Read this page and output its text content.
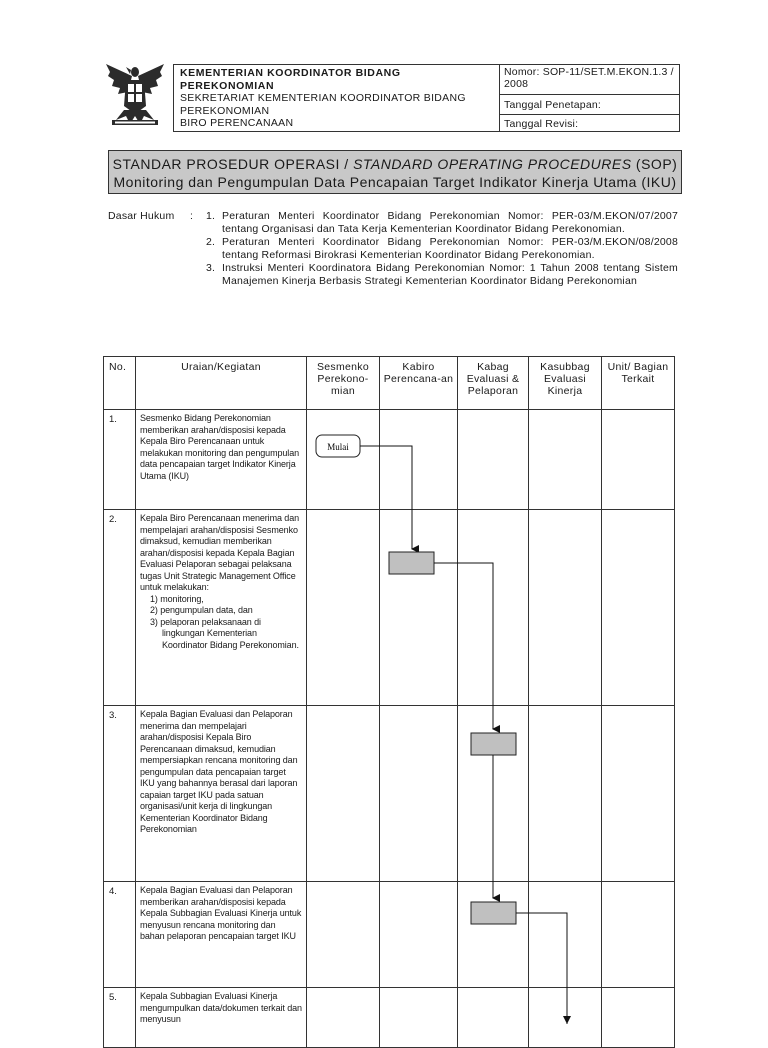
KEMENTERIAN KOORDINATOR BIDANG PEREKONOMIAN
SEKRETARIAT KEMENTERIAN KOORDINATOR BIDANG PEREKONOMIAN
BIRO PERENCANAAN
Nomor: SOP-11/SET.M.EKON.1.3 / 2008
Tanggal Penetapan:
Tanggal Revisi:
STANDAR PROSEDUR OPERASI / STANDARD OPERATING PROCEDURES (SOP)
Monitoring dan Pengumpulan Data Pencapaian Target Indikator Kinerja Utama (IKU)
Dasar Hukum : 1. Peraturan Menteri Koordinator Bidang Perekonomian Nomor: PER-03/M.EKON/07/2007 tentang Organisasi dan Tata Kerja Kementerian Koordinator Bidang Perekonomian.
2. Peraturan Menteri Koordinator Bidang Perekonomian Nomor: PER-03/M.EKON/08/2008 tentang Reformasi Birokrasi Kementerian Koordinator Bidang Perekonomian.
3. Instruksi Menteri Koordinatora Bidang Perekonomian Nomor: 1 Tahun 2008 tentang Sistem Manajemen Kinerja Berbasis Strategi Kementerian Koordinator Bidang Perekonomian
No.	Uraian/Kegiatan	Sesmenko Perekono-mian	Kabiro Perencana-an	Kabag Evaluasi & Pelaporan	Kasubbag Evaluasi Kinerja	Unit/ Bagian Terkait
1.	Sesmenko Bidang Perekonomian memberikan arahan/disposisi kepada Kepala Biro Perencanaan untuk melakukan monitoring dan pengumpulan data pencapaian target Indikator Kinerja Utama (IKU)					
2.	Kepala Biro Perencanaan menerima dan mempelajari arahan/disposisi Sesmenko dimaksud, kemudian memberikan arahan/disposisi kepada Kepala Bagian Evaluasi Pelaporan sebagai pelaksana tugas Unit Strategic Management Office untuk melakukan:
1) monitoring,
2) pengumpulan data, dan
3) pelaporan pelaksanaan di
lingkungan Kementerian Koordinator Bidang Perekonomian.					

3.	Kepala Bagian Evaluasi dan Pelaporan menerima dan mempelajari arahan/disposisi Kepala Biro Perencanaan dimaksud, kemudian mempersiapkan rencana monitoring dan pengumpulan data pencapaian target IKU yang bahannya berasal dari laporan capaian target IKU pada satuan organisasi/unit kerja di lingkungan Kementerian Koordinator Bidang Perekonomian					
4.	Kepala Bagian Evaluasi dan Pelaporan memberikan arahan/disposisi kepada Kepala Subbagian Evaluasi Kinerja untuk menyusun rencana monitoring dan bahan pelaporan pencapaian target IKU					
5.	Kepala Subbagian Evaluasi Kinerja mengumpulkan data/dokumen terkait dan menyusun					
Mulai
